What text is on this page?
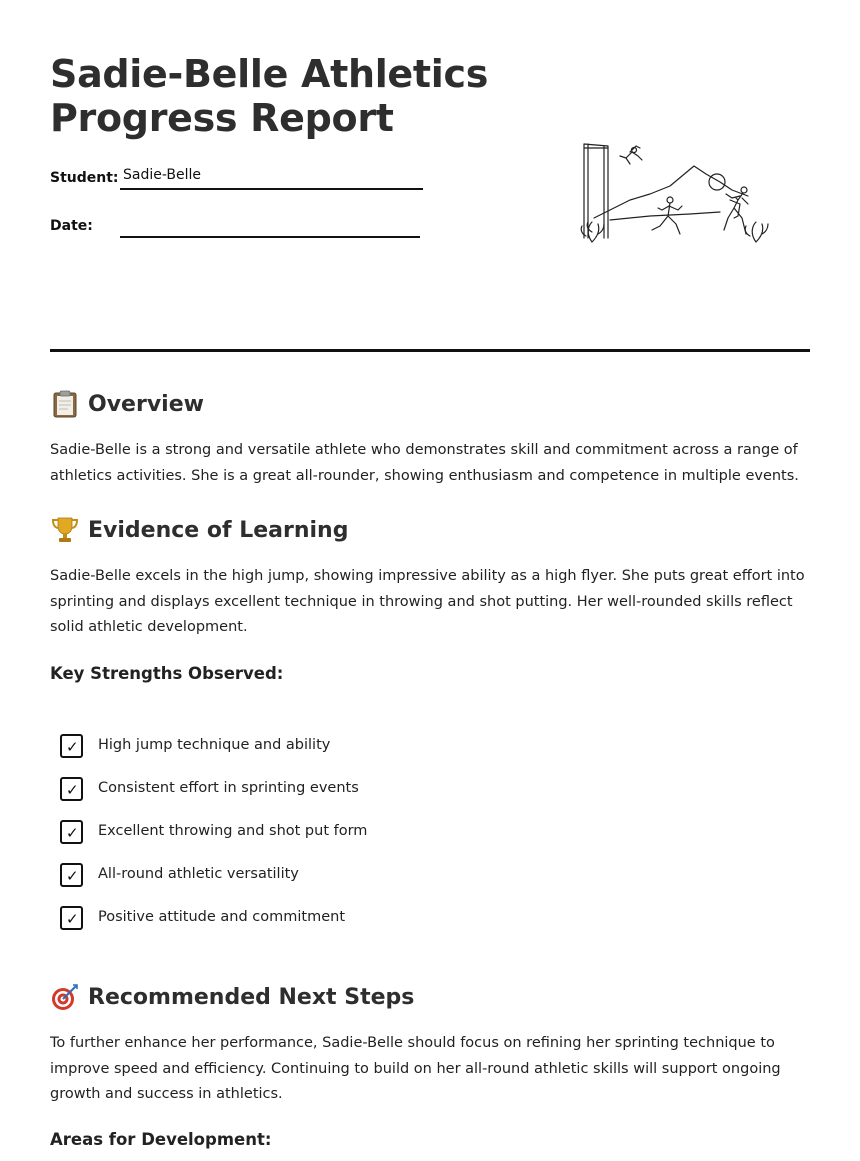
Sadie-Belle Athletics
Progress Report
Student: Sadie-Belle
Date:
Overview

Sadie-Belle is a strong and versatile athlete who demonstrates skill and commitment across a range of athletics activities. She is a great all-rounder, showing enthusiasm and competence in multiple events.

Evidence of Learning

Sadie-Belle excels in the high jump, showing impressive ability as a high flyer. She puts great effort into sprinting and displays excellent technique in throwing and shot putting. Her well-rounded skills reflect solid athletic development.

Key Strengths Observed:
✓ High jump technique and ability
✓ Consistent effort in sprinting events
✓ Excellent throwing and shot put form
✓ All-round athletic versatility
✓ Positive attitude and commitment
Recommended Next Steps

To further enhance her performance, Sadie-Belle should focus on refining her sprinting technique to improve speed and efficiency. Continuing to build on her all-round athletic skills will support ongoing growth and success in athletics.

Areas for Development:
